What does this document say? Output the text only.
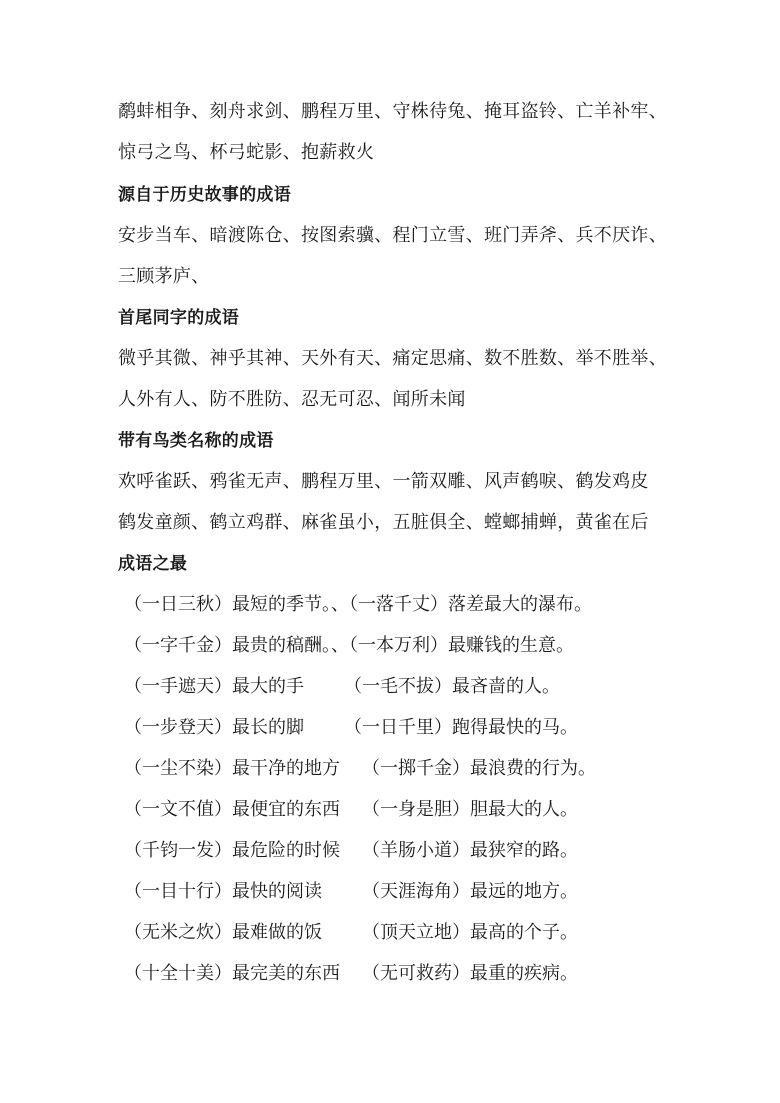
鹬蚌相争、刻舟求剑、鹏程万里、守株待兔、掩耳盗铃、亡羊补牢、
惊弓之鸟、杯弓蛇影、抱薪救火
源自于历史故事的成语
安步当车、暗渡陈仓、按图索骥、程门立雪、班门弄斧、兵不厌诈、
三顾茅庐、
首尾同字的成语
微乎其微、神乎其神、天外有天、痛定思痛、数不胜数、举不胜举、
人外有人、防不胜防、忍无可忍、闻所未闻
带有鸟类名称的成语
欢呼雀跃、鸦雀无声、鹏程万里、一箭双雕、风声鹤唳、鹤发鸡皮
鹤发童颜、鹤立鸡群、麻雀虽小，五脏俱全、螳螂捕蝉，黄雀在后
成语之最
（一日三秋）最短的季节。、
（一落千丈）落差最大的瀑布。
（一字千金）最贵的稿酬。、
（一本万利）最赚钱的生意。
（一手遮天）最大的手 （一毛不拔）最吝啬的人。
（一步登天）最长的脚 （一日千里）跑得最快的马。
（一尘不染）最干净的地方 （一掷千金）最浪费的行为。
（一文不值）最便宜的东西 （一身是胆）胆最大的人。
（千钧一发）最危险的时候 （羊肠小道）最狭窄的路。
（一目十行）最快的阅读 （天涯海角）最远的地方。
（无米之炊）最难做的饭 （顶天立地）最高的个子。
（十全十美）最完美的东西 （无可救药）最重的疾病。
